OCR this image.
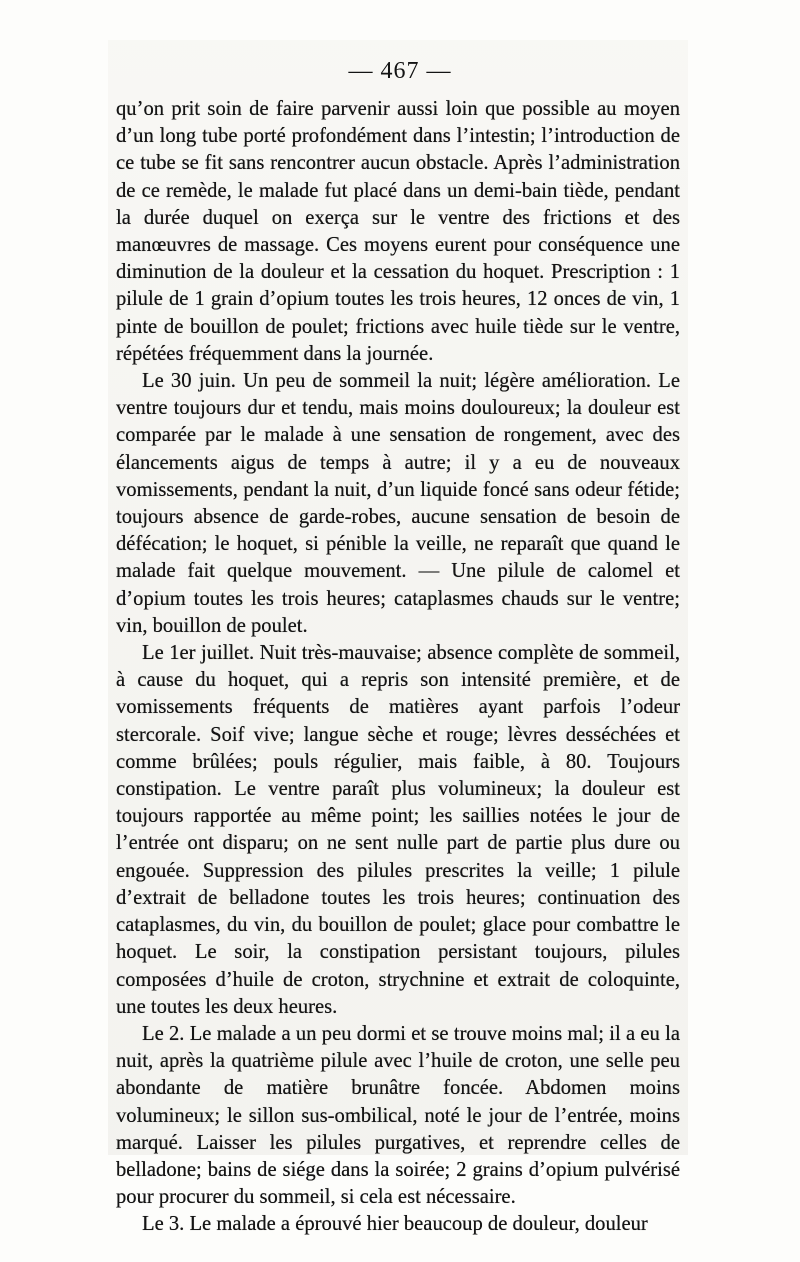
— 467 —

qu’on prit soin de faire parvenir aussi loin que possible au moyen d’un long tube porté profondément dans l’intestin; l’introduction de ce tube se fit sans rencontrer aucun obstacle. Après l’administration de ce remède, le malade fut placé dans un demi-bain tiède, pendant la durée duquel on exerça sur le ventre des frictions et des manœuvres de massage. Ces moyens eurent pour conséquence une diminution de la douleur et la cessation du hoquet. Prescription : 1 pilule de 1 grain d’opium toutes les trois heures, 12 onces de vin, 1 pinte de bouillon de poulet; frictions avec huile tiède sur le ventre, répétées fréquemment dans la journée.

Le 30 juin. Un peu de sommeil la nuit; légère amélioration. Le ventre toujours dur et tendu, mais moins douloureux; la douleur est comparée par le malade à une sensation de rongement, avec des élancements aigus de temps à autre; il y a eu de nouveaux vomissements, pendant la nuit, d’un liquide foncé sans odeur fétide; toujours absence de garde-robes, aucune sensation de besoin de défécation; le hoquet, si pénible la veille, ne reparaît que quand le malade fait quelque mouvement. — Une pilule de calomel et d’opium toutes les trois heures; cataplasmes chauds sur le ventre; vin, bouillon de poulet.

Le 1er juillet. Nuit très-mauvaise; absence complète de sommeil, à cause du hoquet, qui a repris son intensité première, et de vomissements fréquents de matières ayant parfois l’odeur stercorale. Soif vive; langue sèche et rouge; lèvres desséchées et comme brûlées; pouls régulier, mais faible, à 80. Toujours constipation. Le ventre paraît plus volumineux; la douleur est toujours rapportée au même point; les saillies notées le jour de l’entrée ont disparu; on ne sent nulle part de partie plus dure ou engouée. Suppression des pilules prescrites la veille; 1 pilule d’extrait de belladone toutes les trois heures; continuation des cataplasmes, du vin, du bouillon de poulet; glace pour combattre le hoquet. Le soir, la constipation persistant toujours, pilules composées d’huile de croton, strychnine et extrait de coloquinte, une toutes les deux heures.

Le 2. Le malade a un peu dormi et se trouve moins mal; il a eu la nuit, après la quatrième pilule avec l’huile de croton, une selle peu abondante de matière brunâtre foncée. Abdomen moins volumineux; le sillon sus-ombilical, noté le jour de l’entrée, moins marqué. Laisser les pilules purgatives, et reprendre celles de belladone; bains de siége dans la soirée; 2 grains d’opium pulvérisé pour procurer du sommeil, si cela est nécessaire.

Le 3. Le malade a éprouvé hier beaucoup de douleur, douleur
